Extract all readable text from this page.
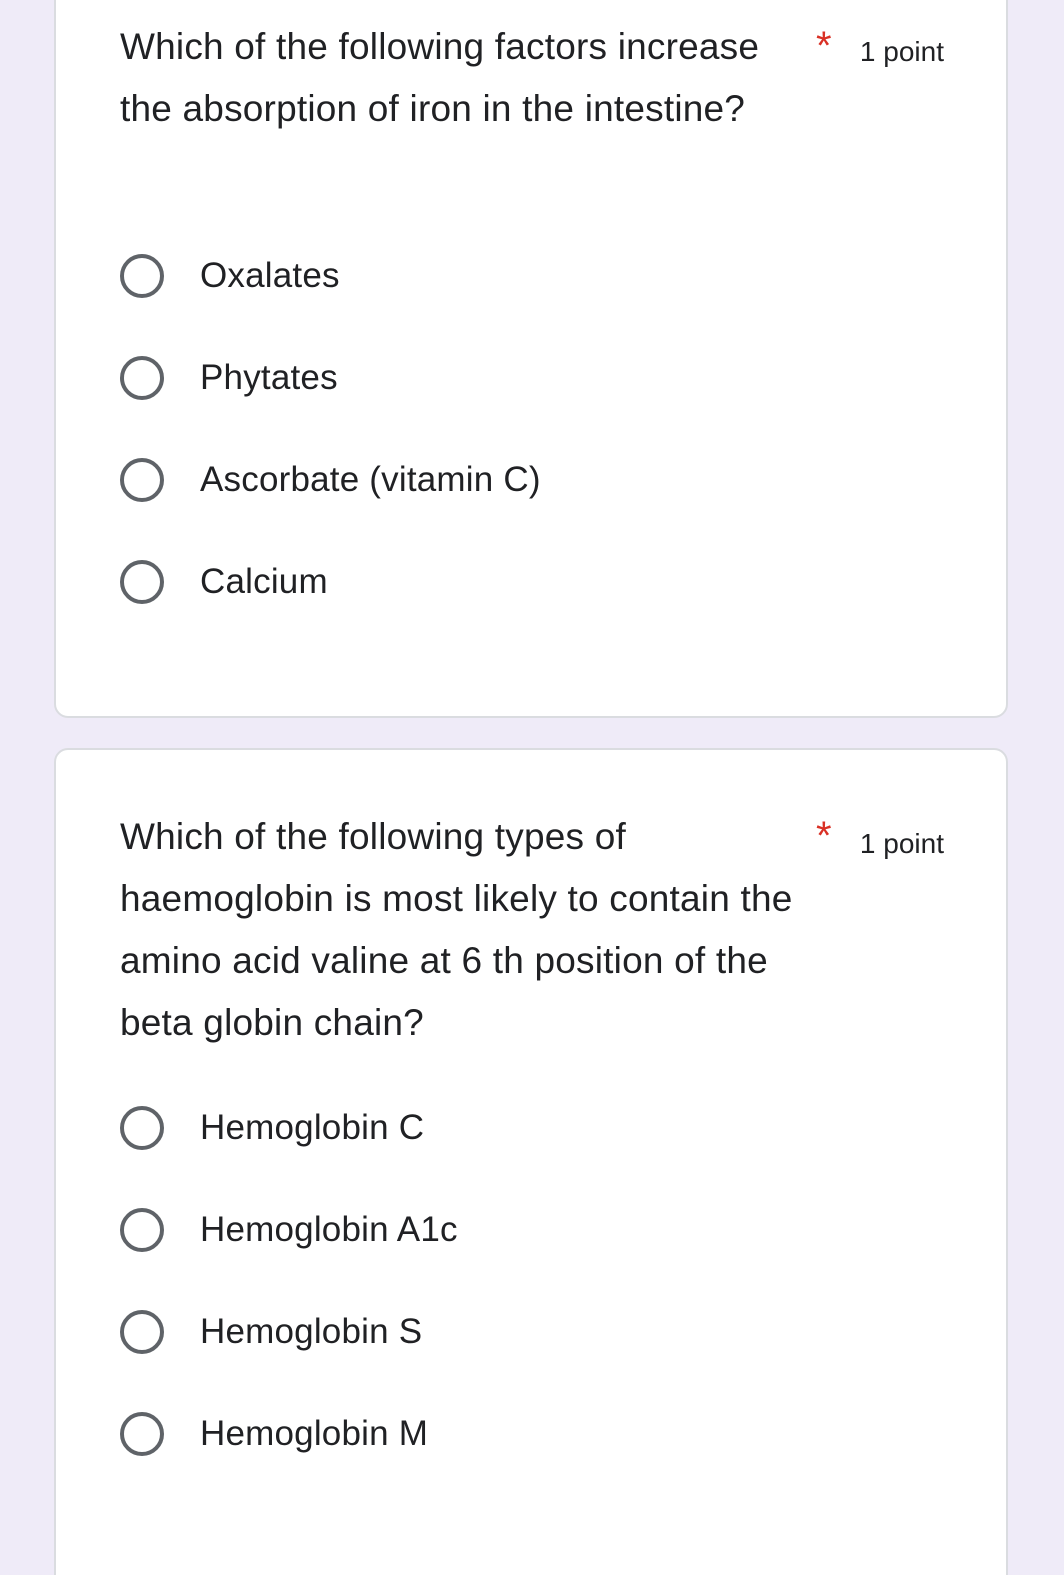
Which of the following factors increase the absorption of iron in the intestine?
* 1 point
Oxalates
Phytates
Ascorbate (vitamin C)
Calcium
Which of the following types of haemoglobin is most likely to contain the amino acid valine at 6 th position of the beta globin chain?
* 1 point
Hemoglobin C
Hemoglobin A1c
Hemoglobin S
Hemoglobin M
